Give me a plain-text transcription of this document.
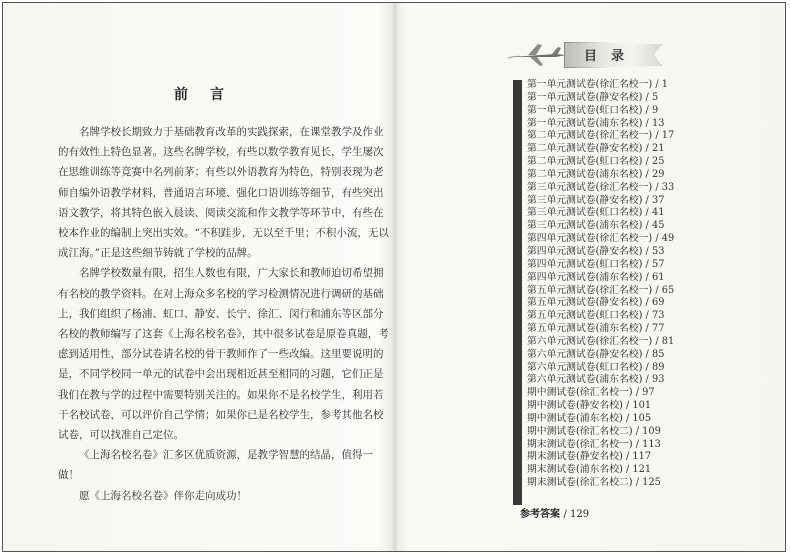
前言

名牌学校长期致力于基础教育改革的实践探索，在课堂教学及作业的有效性上特色显著。这些名牌学校，有些以数学教育见长，学生屡次在思维训练等竞赛中名列前茅；有些以外语教育为特色，特别表现为老师自编外语教学材料，普通语言环境、强化口语训练等细节，有些突出语文教学，将其特色嵌入晨读、阅读交流和作文教学等环节中，有些在校本作业的编制上突出实效。“不积跬步，无以至千里；不积小流，无以成江海。”正是这些细节铸就了学校的品牌。

名牌学校数量有限，招生人数也有限，广大家长和教师迫切希望拥有名校的教学资料。在对上海众多名校的学习检测情况进行调研的基础上，我们组织了杨浦、虹口、静安、长宁、徐汇、闵行和浦东等区部分名校的教师编写了这套《上海名校名卷》，其中很多试卷是原卷真题，考虑到适用性，部分试卷请名校的骨干教师作了一些改编。这里要说明的是，不同学校同一单元的试卷中会出现相近甚至相同的习题，它们正是我们在教与学的过程中需要特别关注的。如果你不是名校学生，利用若干名校试卷，可以评价自己学情；如果你已是名校学生，参考其他名校试卷，可以找准自己定位。

《上海名校名卷》汇多区优质资源，是教学智慧的结晶，值得一做！

愿《上海名校名卷》伴你走向成功！

目录
第一单元测试卷(徐汇名校一) / 1
第一单元测试卷(静安名校) / 5
第一单元测试卷(虹口名校) / 9
第一单元测试卷(浦东名校) / 13
第二单元测试卷(徐汇名校一) / 17
第二单元测试卷(静安名校) / 21
第二单元测试卷(虹口名校) / 25
第二单元测试卷(浦东名校) / 29
第三单元测试卷(徐汇名校一) / 33
第三单元测试卷(静安名校) / 37
第三单元测试卷(虹口名校) / 41
第三单元测试卷(浦东名校) / 45
第四单元测试卷(徐汇名校一) / 49
第四单元测试卷(静安名校) / 53
第四单元测试卷(虹口名校) / 57
第四单元测试卷(浦东名校) / 61
第五单元测试卷(徐汇名校一) / 65
第五单元测试卷(静安名校) / 69
第五单元测试卷(虹口名校) / 73
第五单元测试卷(浦东名校) / 77
第六单元测试卷(徐汇名校一) / 81
第六单元测试卷(静安名校) / 85
第六单元测试卷(虹口名校) / 89
第六单元测试卷(浦东名校) / 93
期中测试卷(徐汇名校一) / 97
期中测试卷(静安名校) / 101
期中测试卷(浦东名校) / 105
期中测试卷(徐汇名校二) / 109
期末测试卷(徐汇名校一) / 113
期末测试卷(静安名校) / 117
期末测试卷(浦东名校) / 121
期末测试卷(徐汇名校二) / 125
参考答案 / 129
